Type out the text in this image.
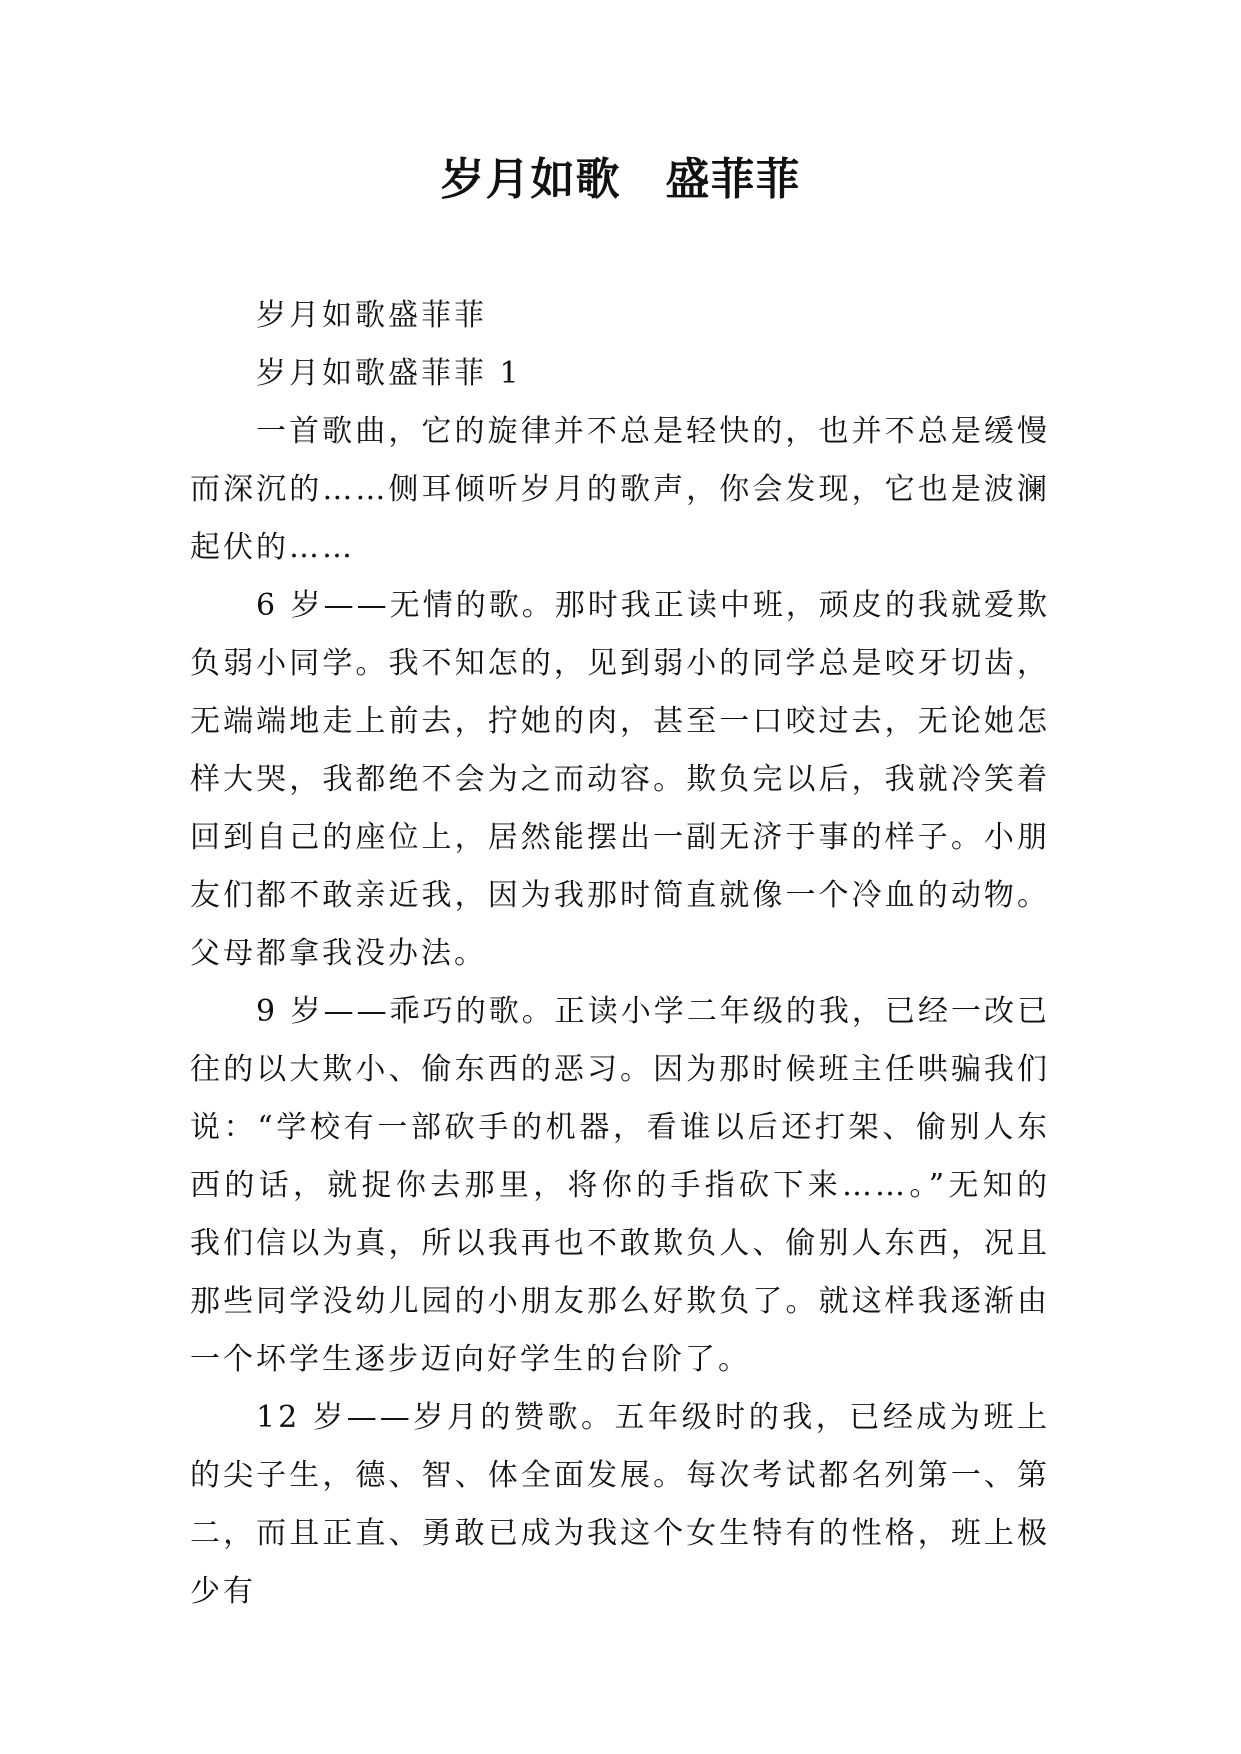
岁月如歌　盛菲菲

岁月如歌盛菲菲

岁月如歌盛菲菲 1

一首歌曲，它的旋律并不总是轻快的，也并不总是缓慢而深沉的……侧耳倾听岁月的歌声，你会发现，它也是波澜起伏的……

6 岁——无情的歌。那时我正读中班，顽皮的我就爱欺负弱小同学。我不知怎的，见到弱小的同学总是咬牙切齿，无端端地走上前去，拧她的肉，甚至一口咬过去，无论她怎样大哭，我都绝不会为之而动容。欺负完以后，我就冷笑着回到自己的座位上，居然能摆出一副无济于事的样子。小朋友们都不敢亲近我，因为我那时简直就像一个冷血的动物。父母都拿我没办法。

9 岁——乖巧的歌。正读小学二年级的我，已经一改已往的以大欺小、偷东西的恶习。因为那时候班主任哄骗我们说：“学校有一部砍手的机器，看谁以后还打架、偷别人东西的话，就捉你去那里，将你的手指砍下来……。”无知的我们信以为真，所以我再也不敢欺负人、偷别人东西，况且那些同学没幼儿园的小朋友那么好欺负了。就这样我逐渐由一个坏学生逐步迈向好学生的台阶了。

12 岁——岁月的赞歌。五年级时的我，已经成为班上的尖子生，德、智、体全面发展。每次考试都名列第一、第二，而且正直、勇敢已成为我这个女生特有的性格，班上极少有
